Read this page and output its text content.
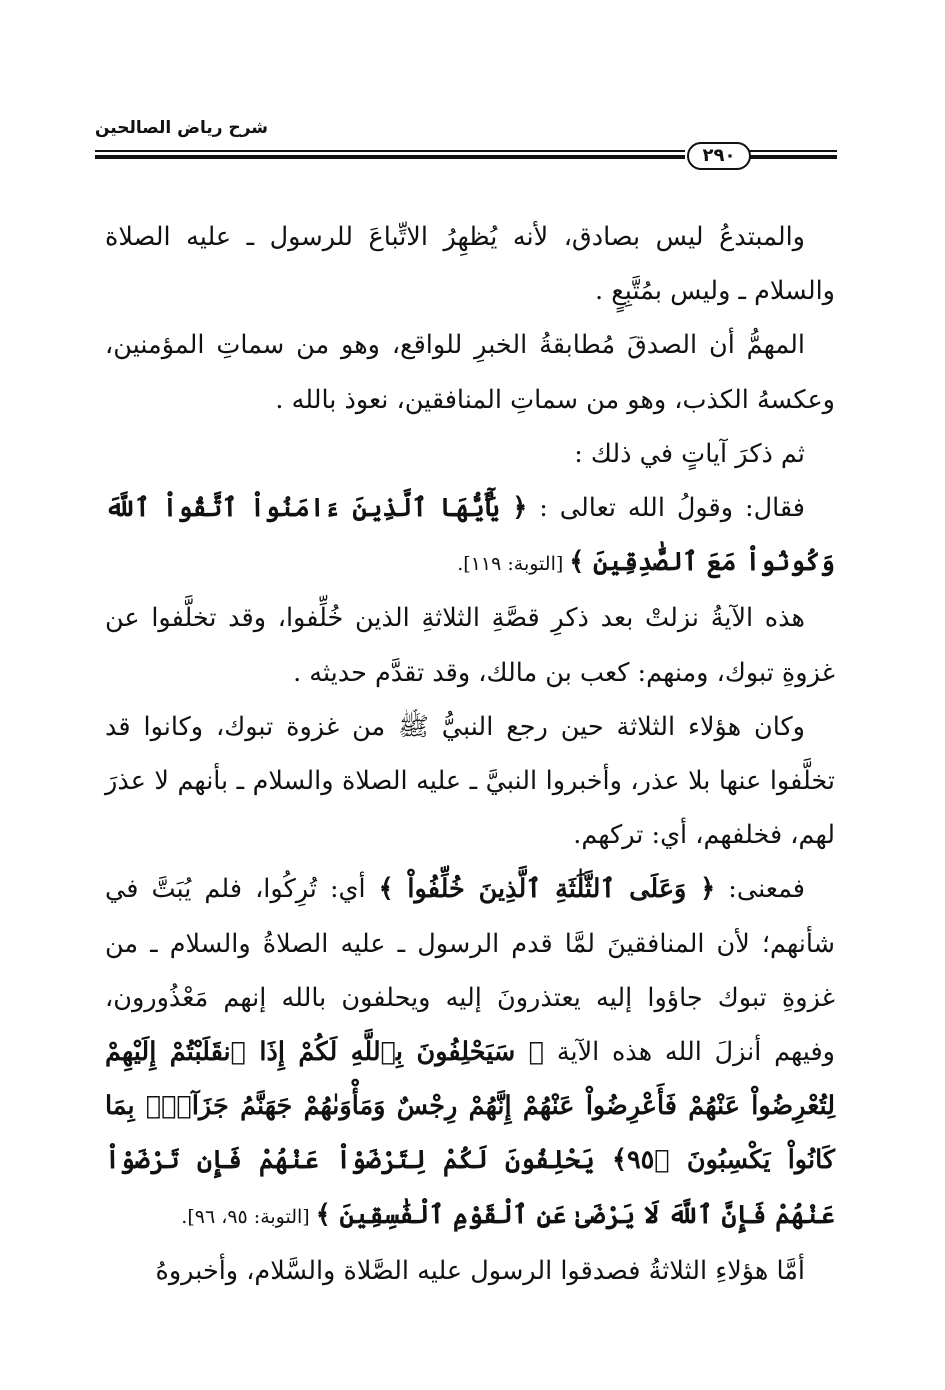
شرح رياض الصالحين
٢٩٠

والمبتدعُ ليس بصادق، لأنه يُظهِرُ الاتِّباعَ للرسول ـ عليه الصلاة والسلام ـ وليس بمُتَّبِعٍ .

المهمُّ أن الصدقَ مُطابقةُ الخبرِ للواقع، وهو من سماتِ المؤمنين، وعكسهُ الكذب، وهو من سماتِ المنافقين، نعوذ بالله .

ثم ذكرَ آياتٍ في ذلك :

فقال: وقولُ الله تعالى : ﴿ يَٰٓأَيُّهَا ٱلَّذِينَ ءَامَنُواْ ٱتَّقُواْ ٱللَّهَ وَكُونُواْ مَعَ ٱلصَّٰدِقِينَ ﴾ [التوبة: ١١٩].

هذه الآيةُ نزلتْ بعد ذكرِ قصَّةِ الثلاثةِ الذين خُلِّفوا، وقد تخلَّفوا عن غزوةِ تبوك، ومنهم: كعب بن مالك، وقد تقدَّم حديثه .

وكان هؤلاء الثلاثة حين رجع النبيُّ ﷺ من غزوة تبوك، وكانوا قد تخلَّفوا عنها بلا عذر، وأخبروا النبيَّ ـ عليه الصلاة والسلام ـ بأنهم لا عذرَ لهم، فخلفهم، أي: تركهم.

فمعنى: ﴿ وَعَلَى ٱلثَّلَٰثَةِ ٱلَّذِينَ خُلِّفُواْ ﴾ أي: تُرِكُوا، فلم يُبَتَّ في شأنهم؛ لأن المنافقينَ لمَّا قدم الرسول ـ عليه الصلاةُ والسلام ـ من غزوةِ تبوك جاؤوا إليه يعتذرونَ إليه ويحلفون بالله إنهم مَعْذُورون، وفيهم أنزلَ الله هذه الآية ﴿ سَيَحْلِفُونَ بِٱللَّهِ لَكُمْ إِذَا ٱنقَلَبْتُمْ إِلَيْهِمْ لِتُعْرِضُواْ عَنْهُمْ فَأَعْرِضُواْ عَنْهُمْ إِنَّهُمْ رِجْسٌ وَمَأْوَىٰهُمْ جَهَنَّمُ جَزَآءَۢ بِمَا كَانُواْ يَكْسِبُونَ ﴿٩٥﴾ يَحْلِفُونَ لَكُمْ لِتَرْضَوْاْ عَنْهُمْ فَإِن تَرْضَوْاْ عَنْهُمْ فَإِنَّ ٱللَّهَ لَا يَرْضَىٰ عَنِ ٱلْقَوْمِ ٱلْفَٰسِقِينَ ﴾ [التوبة: ٩٥، ٩٦].

أمَّا هؤلاءِ الثلاثةُ فصدقوا الرسول عليه الصَّلاة والسَّلام، وأخبروهُ
